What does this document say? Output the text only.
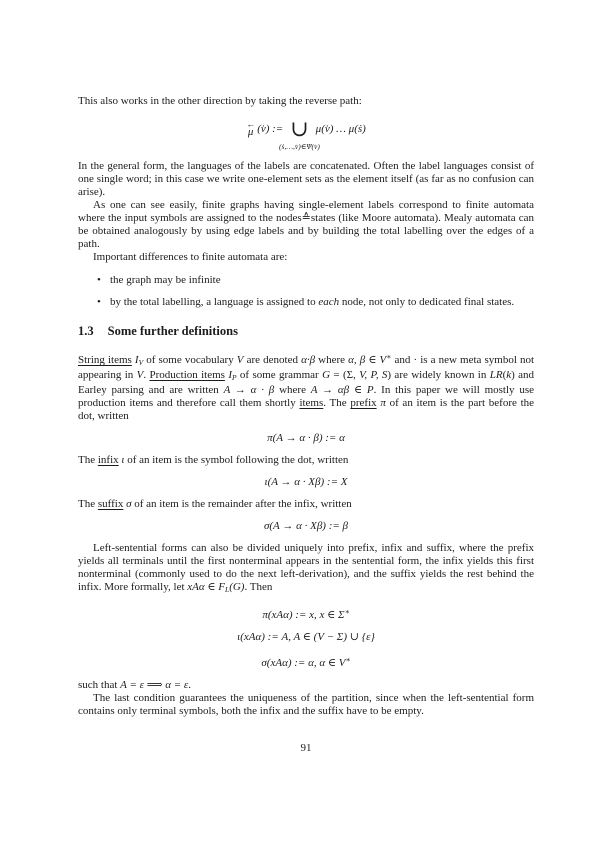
This also works in the other direction by taking the reverse path:

←
μ (v̇) := ∪
(ṡ,…,v̇)∈Ψ(v̇)
μ(v̇) … μ(ṡ)

In the general form, the languages of the labels are concatenated. Often the label languages consist of one single word; in this case we write one-element sets as the element itself (as far as no confusion can arise).

As one can see easily, finite graphs having single-element labels correspond to finite automata where the input symbols are assigned to the nodes≙states (like Moore automata). Mealy automata can be obtained analogously by using edge labels and by building the total labelling over the edges of a path.

Important differences to finite automata are:

• the graph may be infinite
• by the total labelling, a language is assigned to each node, not only to dedicated final states.
1.3 Some further definitions

String items IV of some vocabulary V are denoted α·β where α, β ∈ V∗ and · is a new meta symbol not appearing in V. Production items IP of some grammar G = (Σ, V, P, S) are widely known in LR(k) and Earley parsing and are written A → α · β where A → αβ ∈ P. In this paper we will mostly use production items and therefore call them shortly items. The prefix π of an item is the part before the dot, written

π(A → α · β) := α

The infix ι of an item is the symbol following the dot, written

ι(A → α · Xβ) := X

The suffix σ of an item is the remainder after the infix, written

σ(A → α · Xβ) := β

Left-sentential forms can also be divided uniquely into prefix, infix and suffix, where the prefix yields all terminals until the first nonterminal appears in the sentential form, the infix yields this first nonterminal (commonly used to do the next left-derivation), and the suffix yields the rest behind the infix. More formally, let xAα ∈ FL(G). Then

π(xAα) := x, x ∈ Σ∗
ι(xAα) := A, A ∈ (V − Σ) ∪ {ε}
σ(xAα) := α, α ∈ V∗

such that A = ε ⟹ α = ε.

The last condition guarantees the uniqueness of the partition, since when the left-sentential form contains only terminal symbols, both the infix and the suffix have to be empty.

91
